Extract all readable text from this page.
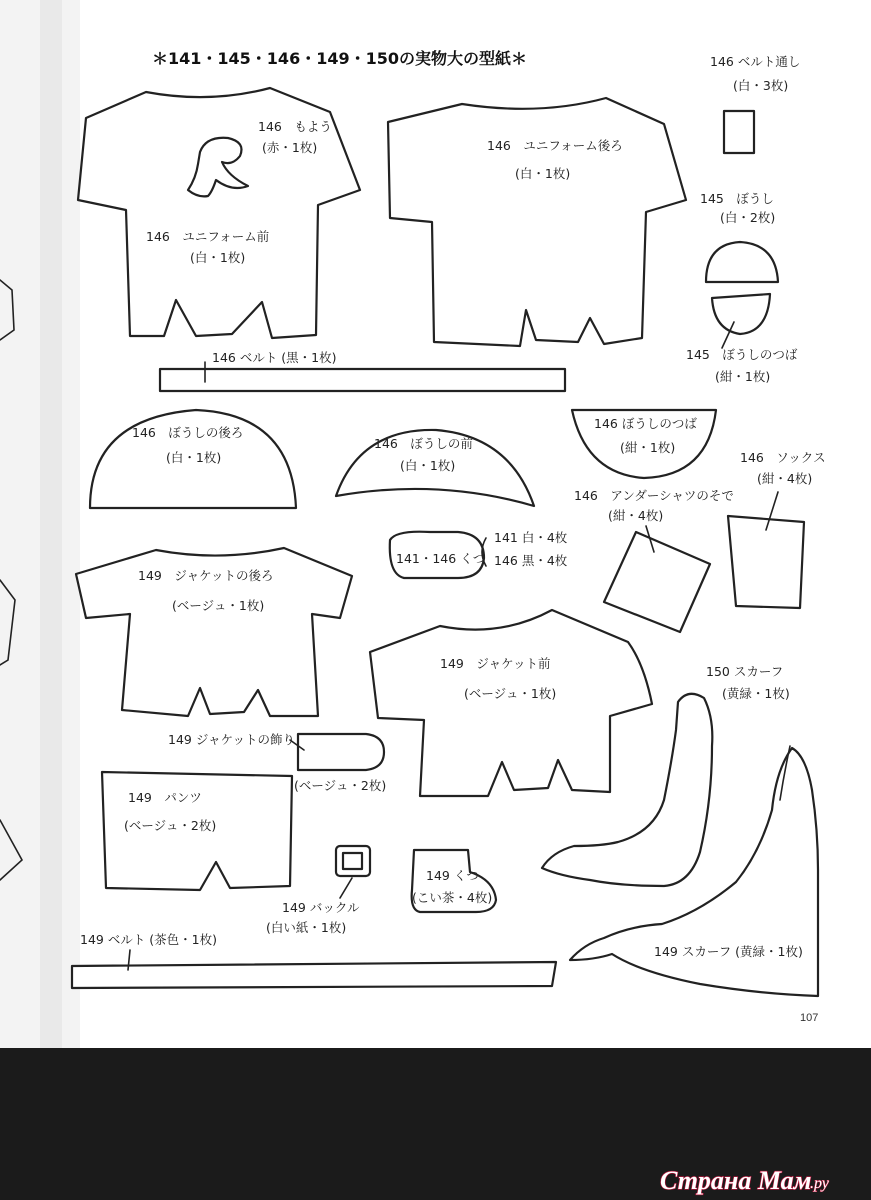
＊141・145・146・149・150の実物大の型紙＊
146　もよう
(赤・1枚)
146　ユニフォーム前
(白・1枚)
146　ユニフォーム後ろ
(白・1枚)
146 ベルト通し
(白・3枚)
145　ぼうし
(白・2枚)
145　ぼうしのつば
(紺・1枚)
146 ベルト (黒・1枚)
146　ぼうしの後ろ
(白・1枚)
146　ぼうしの前
(白・1枚)
146 ぼうしのつば
(紺・1枚)
146　ソックス
(紺・4枚)
146　アンダーシャツのそで
(紺・4枚)
141・146 くつ
141 白・4枚
146 黒・4枚
149　ジャケットの後ろ
(ベージュ・1枚)
149　ジャケット前
(ベージュ・1枚)
149 ジャケットの飾り
(ベージュ・2枚)
149　パンツ
(ベージュ・2枚)
149 バックル
(白い紙・1枚)
149 くつ
(こい茶・4枚)
149 ベルト (茶色・1枚)
150 スカーフ
(黄緑・1枚)
149 スカーフ (黄緑・1枚)
107
Страна Мам
.ру
